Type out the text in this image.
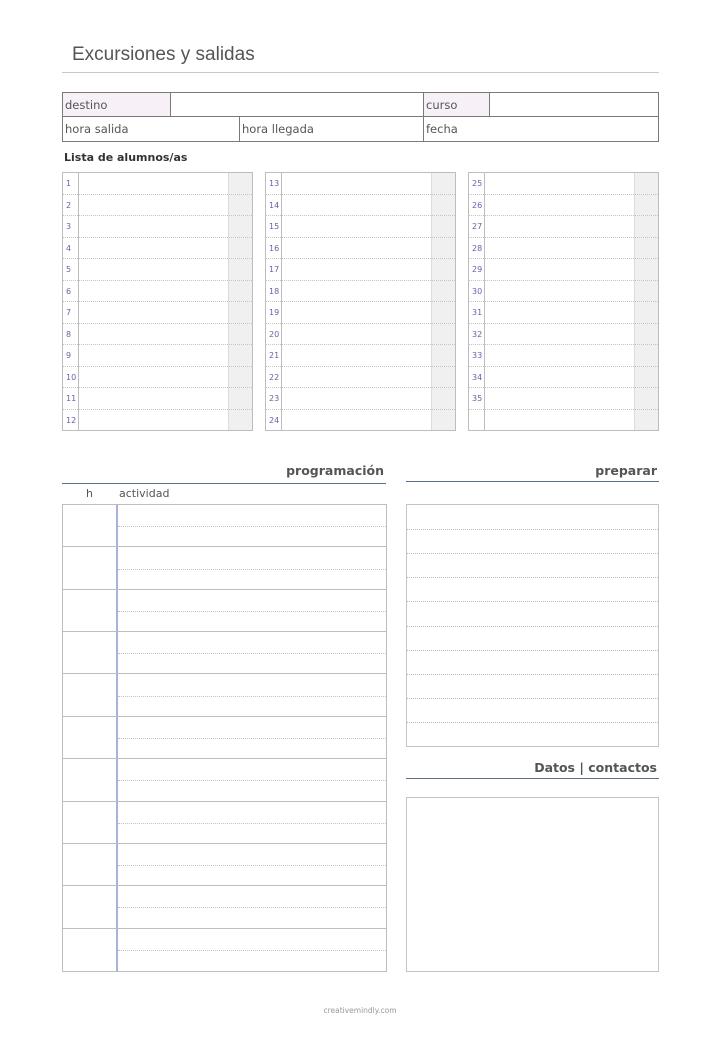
Excursiones y salidas
destino	curso
hora salida	hora llegada	fecha
Lista de alumnos/as
1
2
3
4
5
6
7
8
9
10
11
12
13
14
15
16
17
18
19
20
21
22
23
24
25
26
27
28
29
30
31
32
33
34
35
programación
h actividad
preparar
Datos | contactos
creativemindly.com
